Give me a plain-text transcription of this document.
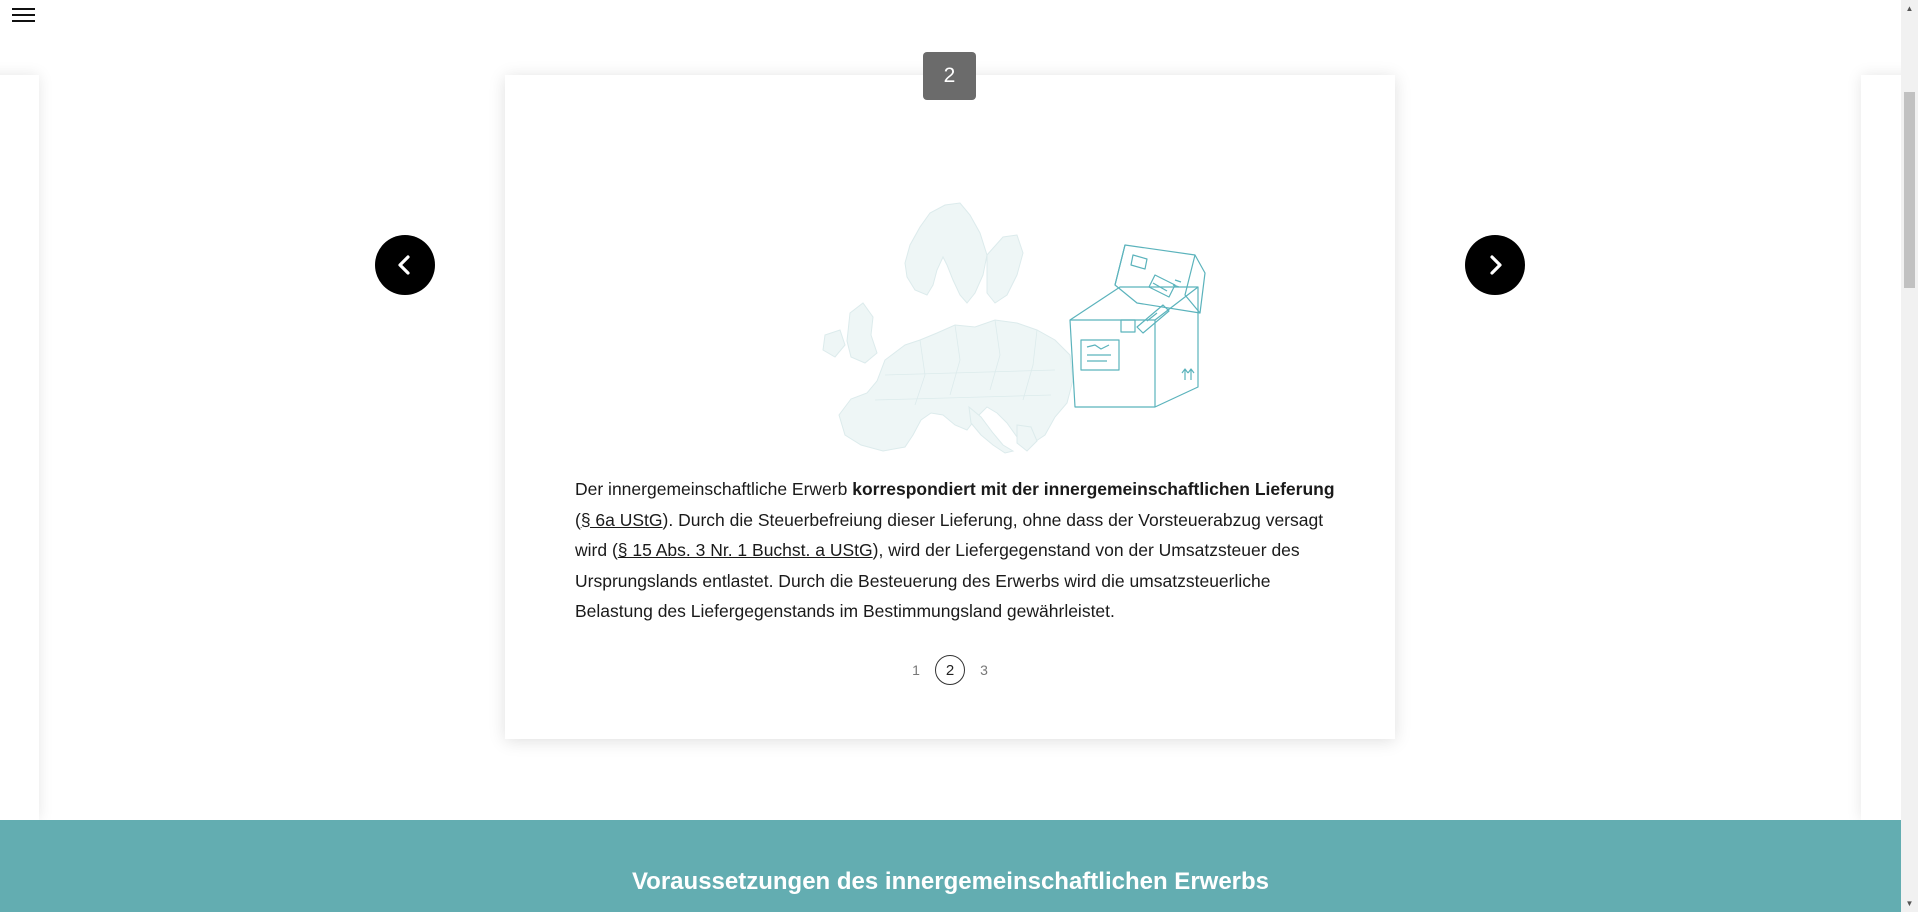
2

Der innergemeinschaftliche Erwerb korrespondiert mit der innergemeinschaftlichen Lieferung (§ 6a UStG). Durch die Steuerbefreiung dieser Lieferung, ohne dass der Vorsteuerabzug versagt wird (§ 15 Abs. 3 Nr. 1 Buchst. a UStG), wird der Liefergegenstand von der Umsatzsteuer des Ursprungslands entlastet. Durch die Besteuerung des Erwerbs wird die umsatzsteuerliche Belastung des Liefergegenstands im Bestimmungsland gewährleistet.

1	2	3
Voraussetzungen des innergemeinschaftlichen Erwerbs
▲
▼
